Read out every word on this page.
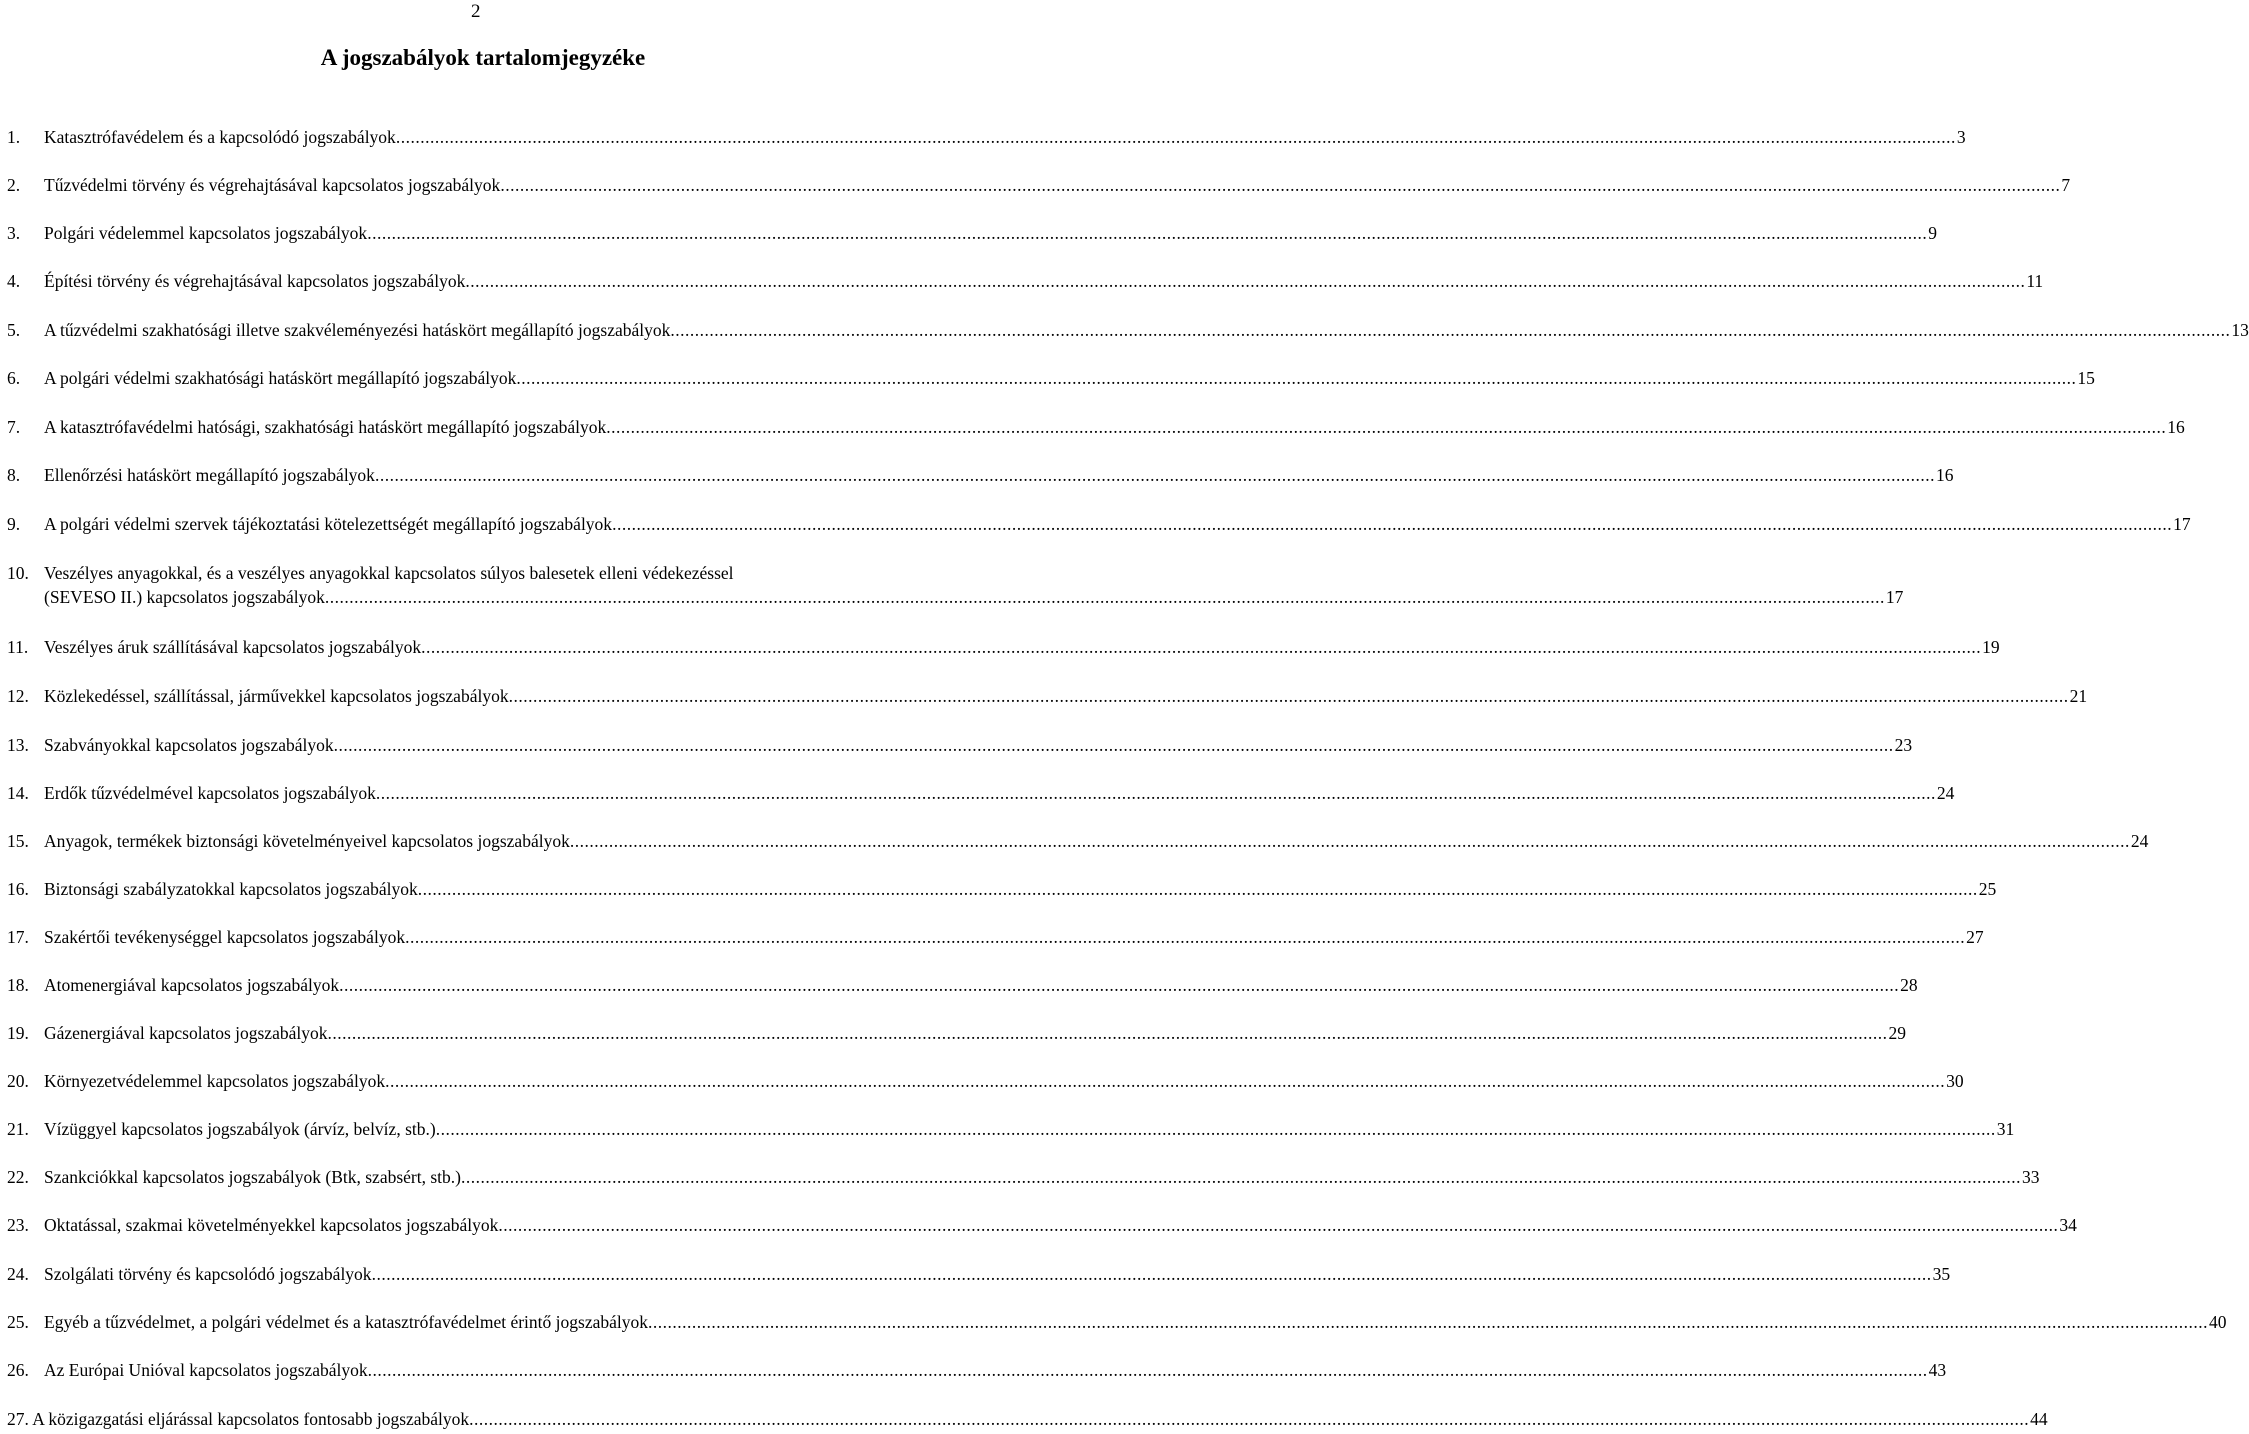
2
A jogszabályok tartalomjegyzéke
1. Katasztrófavédelem és a kapcsolódó jogszabályok .....	3
2. Tűzvédelmi törvény és végrehajtásával kapcsolatos jogszabályok .....	7
3. Polgári védelemmel kapcsolatos jogszabályok .....	9
4. Építési törvény és végrehajtásával kapcsolatos jogszabályok .....	11
5. A tűzvédelmi szakhatósági illetve szakvéleményezési hatáskört megállapító jogszabályok .....	13
6. A polgári védelmi szakhatósági hatáskört megállapító jogszabályok .....	15
7. A katasztrófavédelmi hatósági, szakhatósági hatáskört megállapító jogszabályok .....	16
8. Ellenőrzési hatáskört megállapító jogszabályok .....	16
9. A polgári védelmi szervek tájékoztatási kötelezettségét megállapító jogszabályok .....	17
10. Veszélyes anyagokkal, és a veszélyes anyagokkal kapcsolatos súlyos balesetek elleni védekezéssel
(SEVESO II.) kapcsolatos jogszabályok .....	17
11. Veszélyes áruk szállításával kapcsolatos jogszabályok .....	19
12. Közlekedéssel, szállítással, járművekkel kapcsolatos jogszabályok .....	21
13. Szabványokkal kapcsolatos jogszabályok .....	23
14. Erdők tűzvédelmével kapcsolatos jogszabályok .....	24
15. Anyagok, termékek biztonsági követelményeivel kapcsolatos jogszabályok .....	24
16. Biztonsági szabályzatokkal kapcsolatos jogszabályok .....	25
17. Szakértői tevékenységgel kapcsolatos jogszabályok .....	27
18. Atomenergiával kapcsolatos jogszabályok .....	28
19. Gázenergiával kapcsolatos jogszabályok .....	29
20. Környezetvédelemmel kapcsolatos jogszabályok .....	30
21. Vízüggyel kapcsolatos jogszabályok (árvíz, belvíz, stb.) .....	31
22. Szankciókkal kapcsolatos jogszabályok (Btk, szabsért, stb.) .....	33
23. Oktatással, szakmai követelményekkel kapcsolatos jogszabályok .....	34
24. Szolgálati törvény és kapcsolódó jogszabályok .....	35
25. Egyéb a tűzvédelmet, a polgári védelmet és a katasztrófavédelmet érintő jogszabályok .....	40
26. Az Európai Unióval kapcsolatos jogszabályok .....	43
27. A közigazgatási eljárással kapcsolatos fontosabb jogszabályok .....	44
